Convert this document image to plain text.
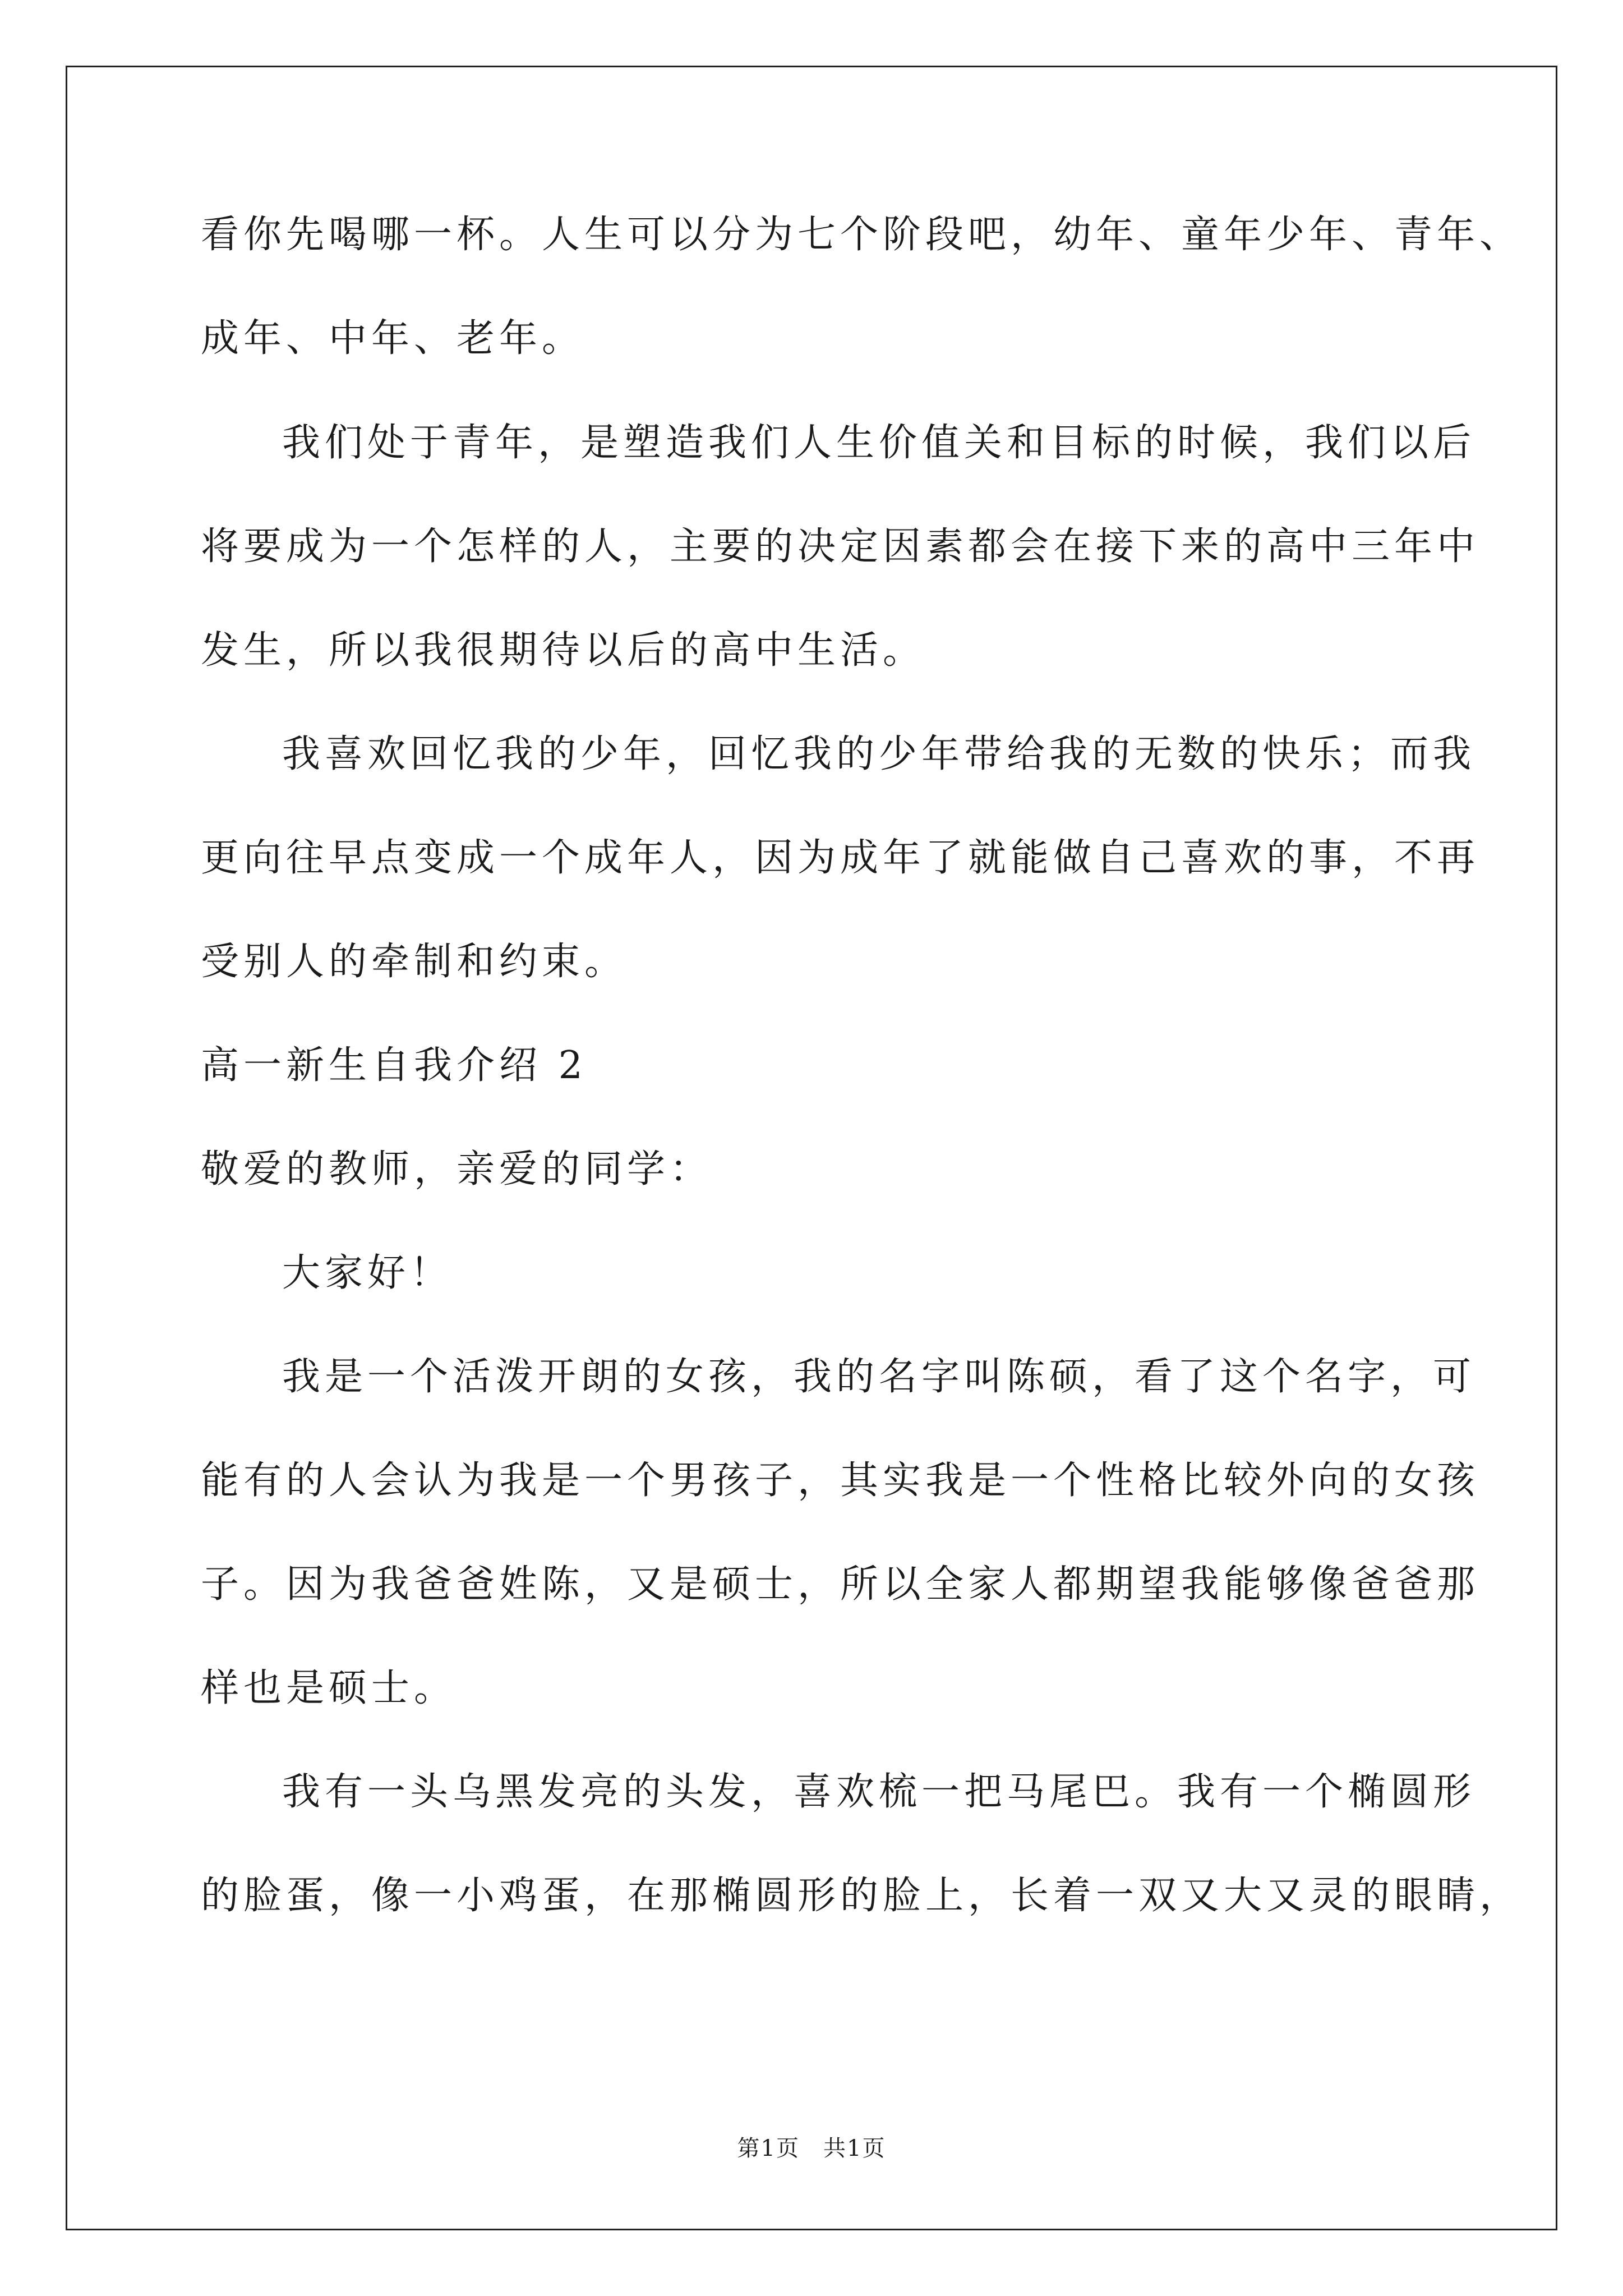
看你先喝哪一杯。人生可以分为七个阶段吧，幼年、童年少年、青年、
成年、中年、老年。
我们处于青年，是塑造我们人生价值关和目标的时候，我们以后
将要成为一个怎样的人，主要的决定因素都会在接下来的高中三年中
发生，所以我很期待以后的高中生活。
我喜欢回忆我的少年，回忆我的少年带给我的无数的快乐；而我
更向往早点变成一个成年人，因为成年了就能做自己喜欢的事，不再
受别人的牵制和约束。
高一新生自我介绍 2
敬爱的教师，亲爱的同学：
大家好！
我是一个活泼开朗的女孩，我的名字叫陈硕，看了这个名字，可
能有的人会认为我是一个男孩子，其实我是一个性格比较外向的女孩
子。因为我爸爸姓陈，又是硕士，所以全家人都期望我能够像爸爸那
样也是硕士。
我有一头乌黑发亮的头发，喜欢梳一把马尾巴。我有一个椭圆形
的脸蛋，像一小鸡蛋，在那椭圆形的脸上，长着一双又大又灵的眼睛，
第1页　共1页
